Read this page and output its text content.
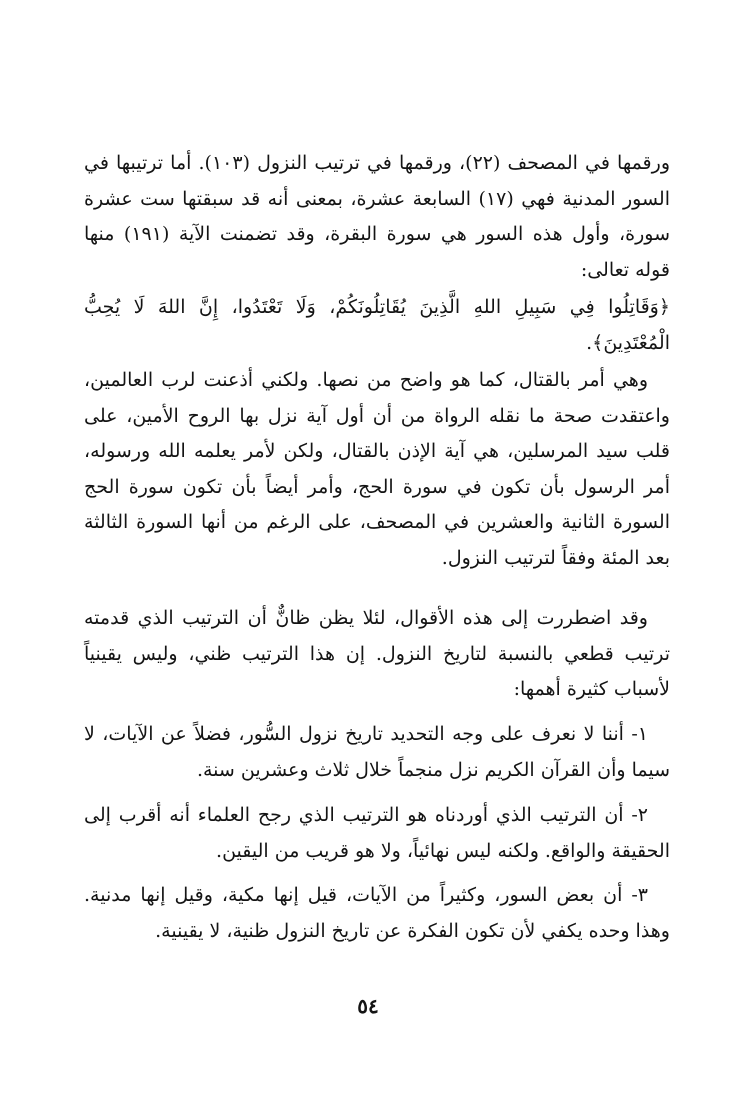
ورقمها في المصحف (٢٢)، ورقمها في ترتيب النزول (١٠٣). أما ترتيبها في السور المدنية فهي (١٧) السابعة عشرة، بمعنى أنه قد سبقتها ست عشرة سورة، وأول هذه السور هي سورة البقرة، وقد تضمنت الآية (١٩١) منها قوله تعالى:

﴿وَقَاتِلُوا فِي سَبِيلِ اللهِ الَّذِينَ يُقَاتِلُونَكُمْ، وَلَا تَعْتَدُوا، إِنَّ اللهَ لَا يُحِبُّ الْمُعْتَدِينَ﴾.

وهي أمر بالقتال، كما هو واضح من نصها. ولكني أذعنت لرب العالمين، واعتقدت صحة ما نقله الرواة من أن أول آية نزل بها الروح الأمين، على قلب سيد المرسلين، هي آية الإذن بالقتال، ولكن لأمر يعلمه الله ورسوله، أمر الرسول بأن تكون في سورة الحج، وأمر أيضاً بأن تكون سورة الحج السورة الثانية والعشرين في المصحف، على الرغم من أنها السورة الثالثة بعد المئة وفقاً لترتيب النزول.

وقد اضطررت إلى هذه الأقوال، لئلا يظن ظانٌّ أن الترتيب الذي قدمته ترتيب قطعي بالنسبة لتاريخ النزول. إن هذا الترتيب ظني، وليس يقينياً لأسباب كثيرة أهمها:

١- أننا لا نعرف على وجه التحديد تاريخ نزول السُّور، فضلاً عن الآيات، لا سيما وأن القرآن الكريم نزل منجماً خلال ثلاث وعشرين سنة.

٢- أن الترتيب الذي أوردناه هو الترتيب الذي رجح العلماء أنه أقرب إلى الحقيقة والواقع. ولكنه ليس نهائياً، ولا هو قريب من اليقين.

٣- أن بعض السور، وكثيراً من الآيات، قيل إنها مكية، وقيل إنها مدنية. وهذا وحده يكفي لأن تكون الفكرة عن تاريخ النزول ظنية، لا يقينية.

٥٤
